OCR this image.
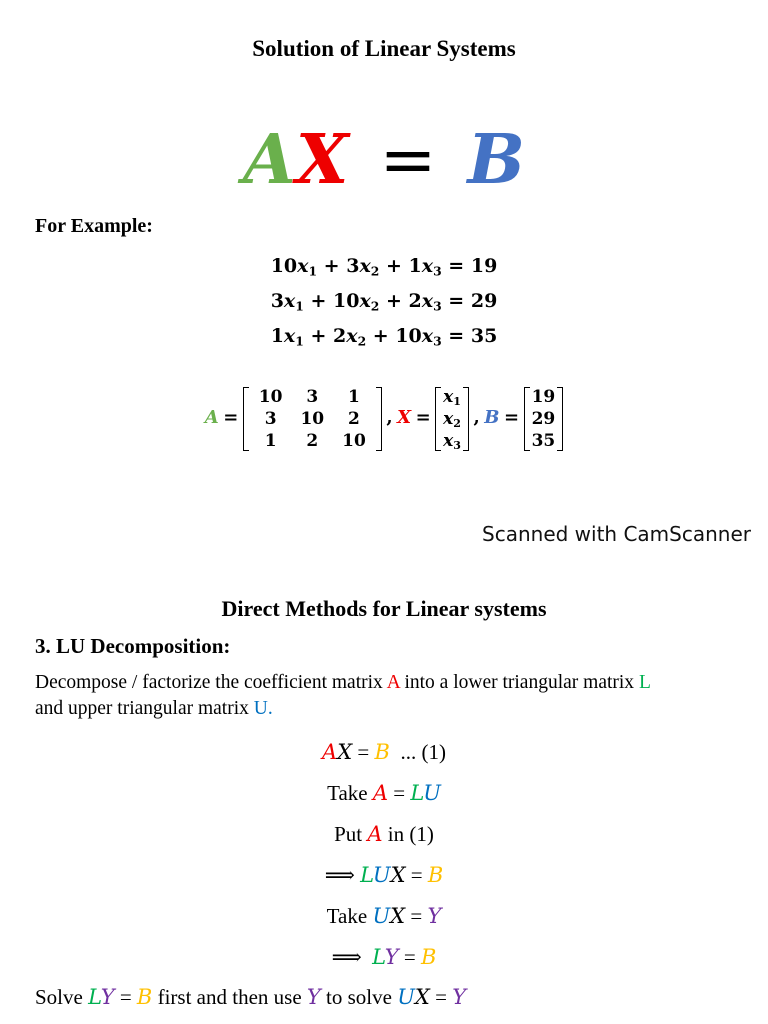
Solution of Linear Systems
AX = B
For Example:
$10x_1 + 3x_2 + 1x_3 = 19$
$3x_1 + 10x_2 + 2x_3 = 29$
$1x_1 + 2x_2 + 10x_3 = 35$
A =
10	3	1
3	10	2
1	2	10
, X =
$x_1$
$x_2$
$x_3$
, B =
19
29
35
Scanned with CamScanner
Direct Methods for Linear systems
3. LU Decomposition:
Decompose / factorize the coefficient matrix A into a lower triangular matrix L
and upper triangular matrix U.
AX = B ... (1)
Take A = LU
Put A in (1)
⟹ LUX = B
Take UX = Y
⟹ LY = B
Solve LY = B first and then use Y to solve UX = Y
